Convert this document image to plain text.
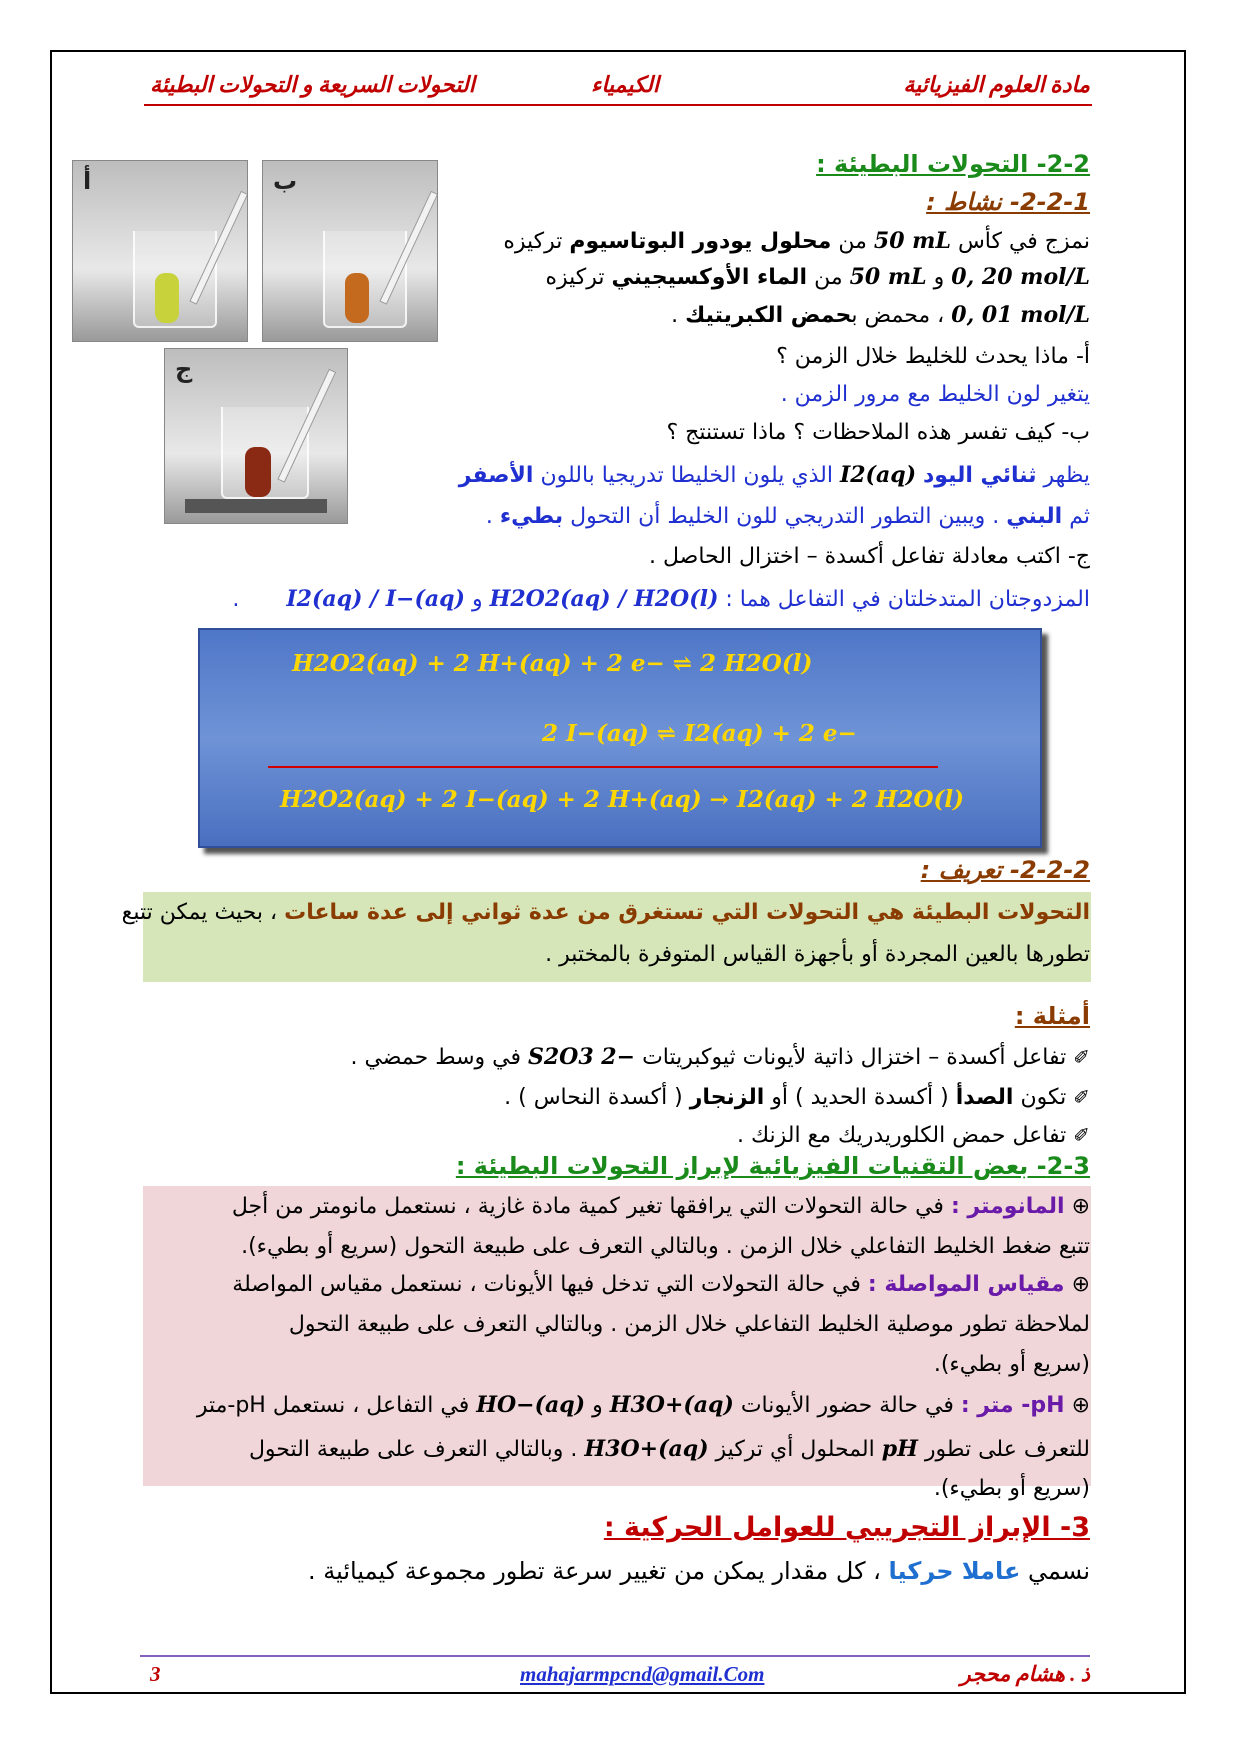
مادة العلوم الفيزيائية
الكيمياء
التحولات السريعة و التحولات البطيئة
أ	ب
ج
2-2- التحولات البطيئة :
2-2-1- نشاط :
نمزج في كأس 50 mL من محلول يودور البوتاسيوم تركيزه
0, 20 mol/L و 50 mL من الماء الأوكسيجيني تركيزه
0, 01 mol/L ، محمض بحمض الكبريتيك .
أ- ماذا يحدث للخليط خلال الزمن ؟
يتغير لون الخليط مع مرور الزمن .
ب- كيف تفسر هذه الملاحظات ؟ ماذا تستنتج ؟
يظهر ثنائي اليود I2(aq) الذي يلون الخليطا تدريجيا باللون الأصفر
ثم البني . ويبين التطور التدريجي للون الخليط أن التحول بطيء .
ج- اكتب معادلة تفاعل أكسدة – اختزال الحاصل .
المزدوجتان المتدخلتان في التفاعل هما : H2O2(aq) / H2O(l) و I2(aq) / I−(aq) .
H2O2(aq) + 2 H+(aq) + 2 e− ⇌ 2 H2O(l)
2 I−(aq) ⇌ I2(aq) + 2 e−
H2O2(aq) + 2 I−(aq) + 2 H+(aq) → I2(aq) + 2 H2O(l)
2-2-2- تعريف :
التحولات البطيئة هي التحولات التي تستغرق من عدة ثواني إلى عدة ساعات ، بحيث يمكن تتبع
تطورها بالعين المجردة أو بأجهزة القياس المتوفرة بالمختبر .
أمثلة :
✐ تفاعل أكسدة – اختزال ذاتية لأيونات ثيوكبريتات S2O3 2− في وسط حمضي .
✐ تكون الصدأ ( أكسدة الحديد ) أو الزنجار ( أكسدة النحاس ) .
✐ تفاعل حمض الكلوريدريك مع الزنك .
2-3- بعض التقنيات الفيزيائية لإبراز التحولات البطيئة :
⊕ المانومتر : في حالة التحولات التي يرافقها تغير كمية مادة غازية ، نستعمل مانومتر من أجل
تتبع ضغط الخليط التفاعلي خلال الزمن . وبالتالي التعرف على طبيعة التحول (سريع أو بطيء).
⊕ مقياس المواصلة : في حالة التحولات التي تدخل فيها الأيونات ، نستعمل مقياس المواصلة
لملاحظة تطور موصلية الخليط التفاعلي خلال الزمن . وبالتالي التعرف على طبيعة التحول
(سريع أو بطيء).
⊕ pH- متر : في حالة حضور الأيونات H3O+(aq) و HO−(aq) في التفاعل ، نستعمل pH-متر
للتعرف على تطور pH المحلول أي تركيز H3O+(aq) . وبالتالي التعرف على طبيعة التحول
(سريع أو بطيء).
3- الإبراز التجريبي للعوامل الحركية :
نسمي عاملا حركيا ، كل مقدار يمكن من تغيير سرعة تطور مجموعة كيميائية .
ذ . هشام محجر
mahajarmpcnd@gmail.Com
3
